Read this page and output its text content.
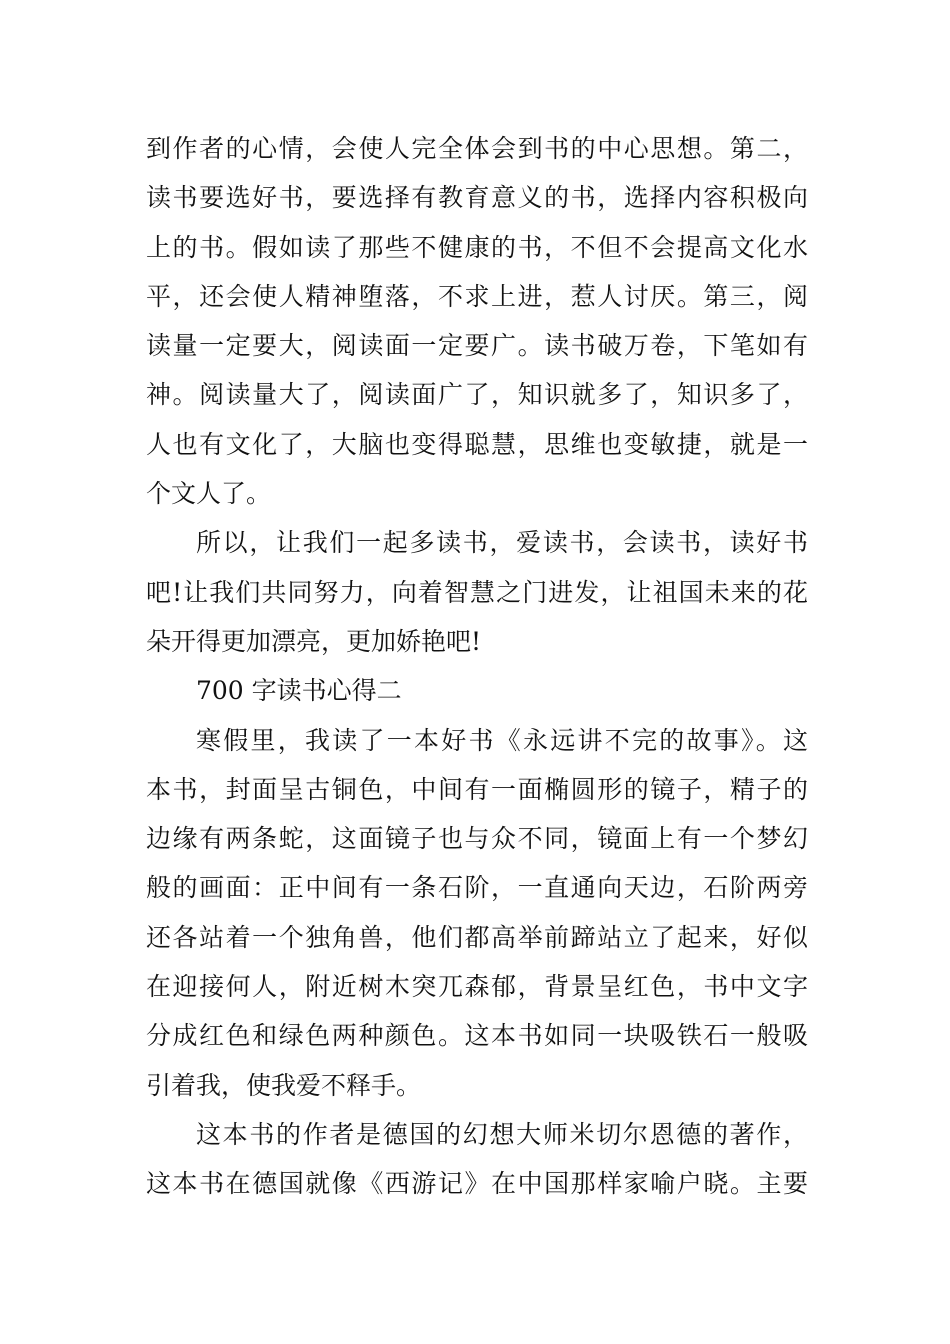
到作者的心情，会使人完全体会到书的中心思想。第二，
读书要选好书，要选择有教育意义的书，选择内容积极向
上的书。假如读了那些不健康的书，不但不会提高文化水
平，还会使人精神堕落，不求上进，惹人讨厌。第三，阅
读量一定要大，阅读面一定要广。读书破万卷，下笔如有
神。阅读量大了，阅读面广了，知识就多了，知识多了，
人也有文化了，大脑也变得聪慧，思维也变敏捷，就是一
个文人了。
所以，让我们一起多读书，爱读书，会读书，读好书
吧!让我们共同努力，向着智慧之门进发，让祖国未来的花
朵开得更加漂亮，更加娇艳吧!
700 字读书心得二
寒假里，我读了一本好书《永远讲不完的故事》。这
本书，封面呈古铜色，中间有一面椭圆形的镜子，精子的
边缘有两条蛇，这面镜子也与众不同，镜面上有一个梦幻
般的画面：正中间有一条石阶，一直通向天边，石阶两旁
还各站着一个独角兽，他们都高举前蹄站立了起来，好似
在迎接何人，附近树木突兀森郁，背景呈红色，书中文字
分成红色和绿色两种颜色。这本书如同一块吸铁石一般吸
引着我，使我爱不释手。
这本书的作者是德国的幻想大师米切尔恩德的著作，
这本书在德国就像《西游记》在中国那样家喻户晓。主要
